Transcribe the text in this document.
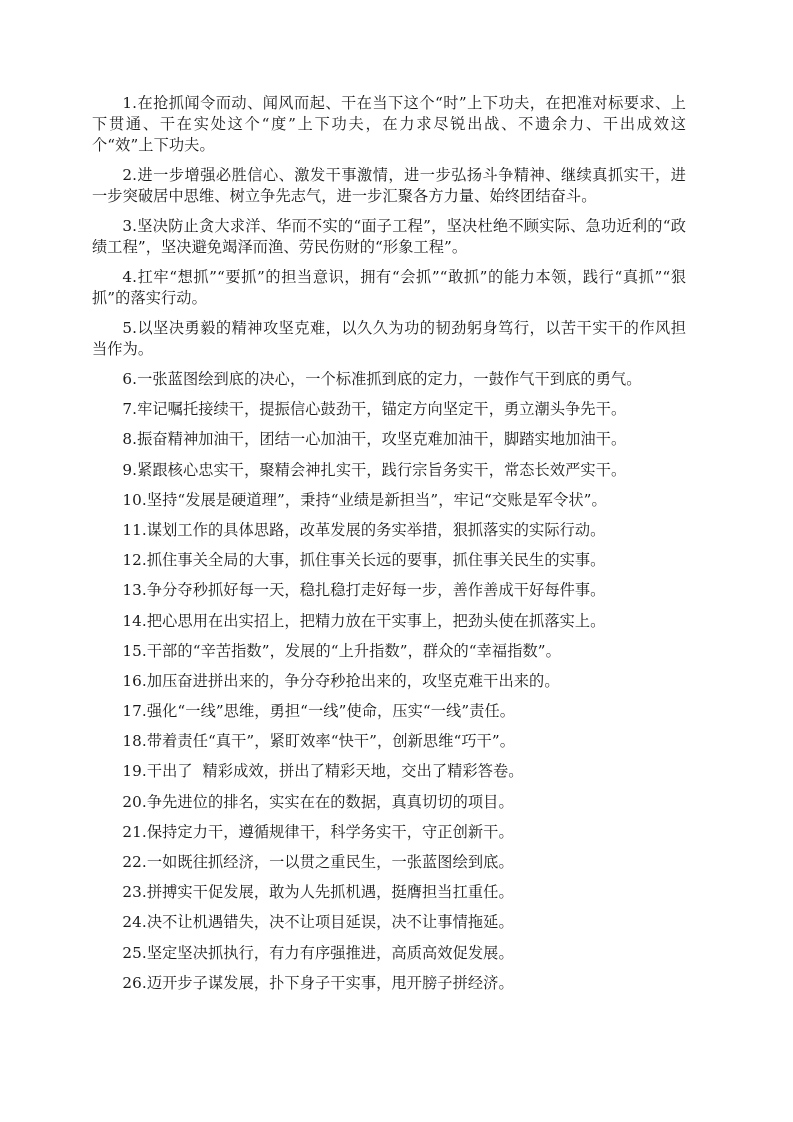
1.在抢抓闻令而动、闻风而起、干在当下这个“时”上下功夫，在把准对标要求、上下贯通、干在实处这个“度”上下功夫，在力求尽锐出战、不遗余力、干出成效这个“效”上下功夫。

2.进一步增强必胜信心、激发干事激情，进一步弘扬斗争精神、继续真抓实干，进一步突破居中思维、树立争先志气，进一步汇聚各方力量、始终团结奋斗。

3.坚决防止贪大求洋、华而不实的“面子工程”，坚决杜绝不顾实际、急功近利的“政绩工程”，坚决避免竭泽而渔、劳民伤财的“形象工程”。

4.扛牢“想抓”“要抓”的担当意识，拥有“会抓”“敢抓”的能力本领，践行“真抓”“狠抓”的落实行动。

5.以坚决勇毅的精神攻坚克难，以久久为功的韧劲躬身笃行，以苦干实干的作风担当作为。

6.一张蓝图绘到底的决心，一个标准抓到底的定力，一鼓作气干到底的勇气。

7.牢记嘱托接续干，提振信心鼓劲干，锚定方向坚定干，勇立潮头争先干。

8.振奋精神加油干，团结一心加油干，攻坚克难加油干，脚踏实地加油干。

9.紧跟核心忠实干，聚精会神扎实干，践行宗旨务实干，常态长效严实干。

10.坚持“发展是硬道理”，秉持“业绩是新担当”，牢记“交账是军令状”。

11.谋划工作的具体思路，改革发展的务实举措，狠抓落实的实际行动。

12.抓住事关全局的大事，抓住事关长远的要事，抓住事关民生的实事。

13.争分夺秒抓好每一天，稳扎稳打走好每一步，善作善成干好每件事。

14.把心思用在出实招上，把精力放在干实事上，把劲头使在抓落实上。

15.干部的“辛苦指数”，发展的“上升指数”，群众的“幸福指数”。

16.加压奋进拼出来的，争分夺秒抢出来的，攻坚克难干出来的。

17.强化“一线”思维，勇担“一线”使命，压实“一线”责任。

18.带着责任“真干”，紧盯效率“快干”，创新思维“巧干”。

19.干出了  精彩成效，拼出了精彩天地，交出了精彩答卷。

20.争先进位的排名，实实在在的数据，真真切切的项目。

21.保持定力干，遵循规律干，科学务实干，守正创新干。

22.一如既往抓经济，一以贯之重民生，一张蓝图绘到底。

23.拼搏实干促发展，敢为人先抓机遇，挺膺担当扛重任。

24.决不让机遇错失，决不让项目延误，决不让事情拖延。

25.坚定坚决抓执行，有力有序强推进，高质高效促发展。

26.迈开步子谋发展，扑下身子干实事，甩开膀子拼经济。
